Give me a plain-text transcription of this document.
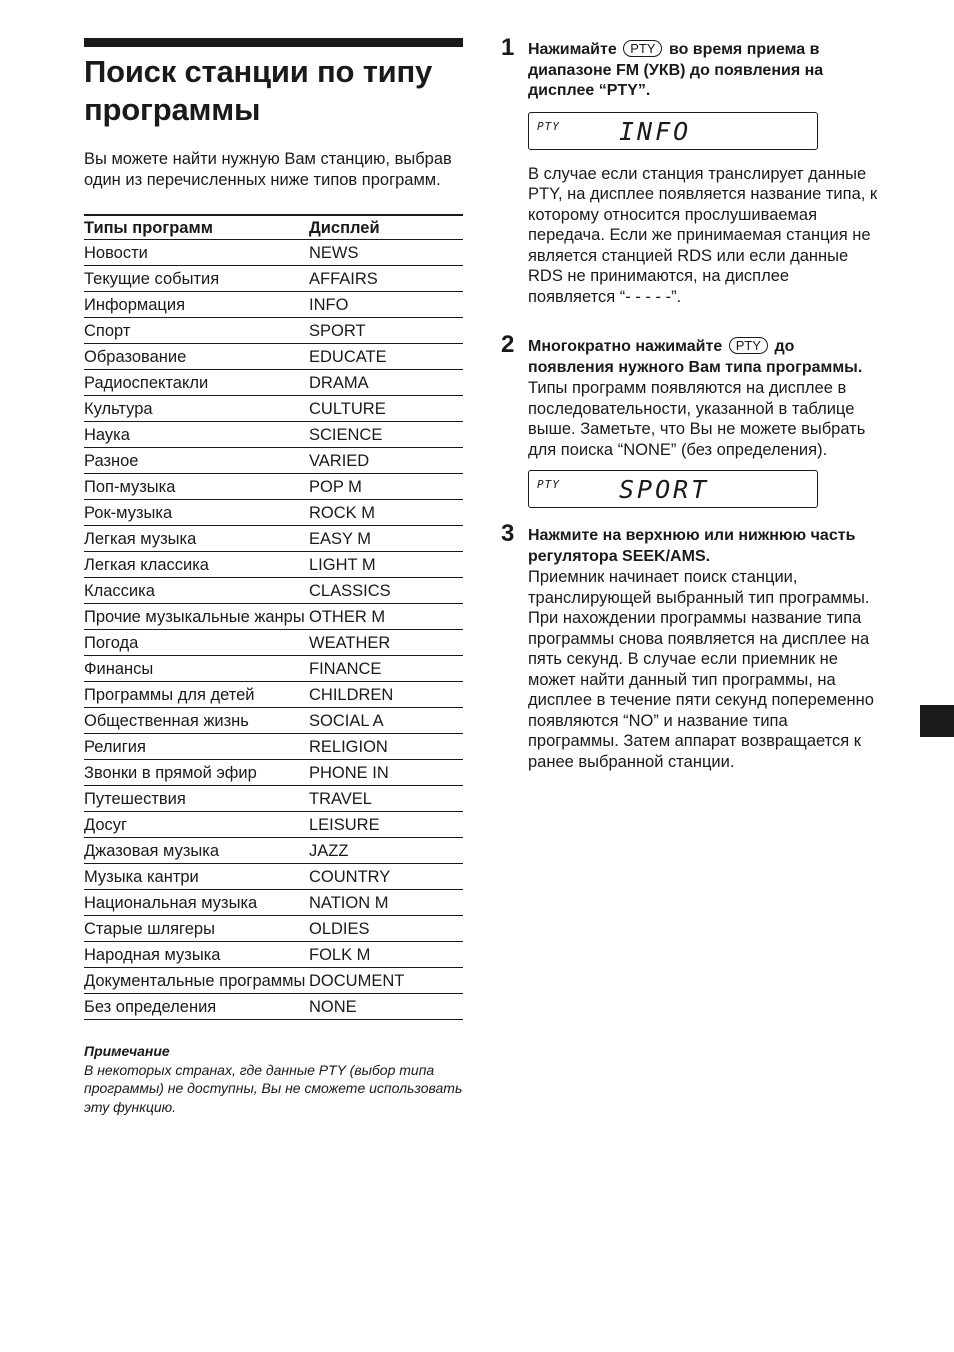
Поиск станции по типу программы
Вы можете найти нужную Вам станцию, выбрав один из перечисленных ниже типов программ.
Типы программ	Дисплей
Новости	NEWS
Текущие события	AFFAIRS
Информация	INFO
Спорт	SPORT
Образование	EDUCATE
Радиоспектакли	DRAMA
Культура	CULTURE
Наука	SCIENCE
Разное	VARIED
Поп-музыка	POP M
Рок-музыка	ROCK M
Легкая музыка	EASY M
Легкая классика	LIGHT M
Классика	CLASSICS
Прочие музыкальные жанры	OTHER M
Погода	WEATHER
Финансы	FINANCE
Программы для детей	CHILDREN
Общественная жизнь	SOCIAL A
Религия	RELIGION
Звонки в прямой эфир	PHONE IN
Путешествия	TRAVEL
Досуг	LEISURE
Джазовая музыка	JAZZ
Музыка кантри	COUNTRY
Национальная музыка	NATION M
Старые шлягеры	OLDIES
Народная музыка	FOLK M
Документальные программы	DOCUMENT
Без определения	NONE
Примечание
В некоторых странах, где данные PTY (выбор типа программы) не доступны, Вы не сможете использовать эту функцию.
1 Нажимайте PTY во время приема в диапазоне FM (УКВ) до появления на дисплее “PTY”.
PTY INFO
В случае если станция транслирует данные PTY, на дисплее появляется название типа, к которому относится прослушиваемая передача. Если же принимаемая станция не является станцией RDS или если данные RDS не принимаются, на дисплее появляется “- - - - -”.
2 Многократно нажимайте PTY до появления нужного Вам типа программы.
Типы программ появляются на дисплее в последовательности, указанной в таблице выше. Заметьте, что Вы не можете выбрать для поиска “NONE” (без определения).
PTY SPORT
3 Нажмите на верхнюю или нижнюю часть регулятора SEEK/AMS.
Приемник начинает поиск станции, транслирующей выбранный тип программы. При нахождении программы название типа программы снова появляется на дисплее на пять секунд. В случае если приемник не может найти данный тип программы, на дисплее в течение пяти секунд попеременно появляются “NO” и название типа программы. Затем аппарат возвращается к ранее выбранной станции.
